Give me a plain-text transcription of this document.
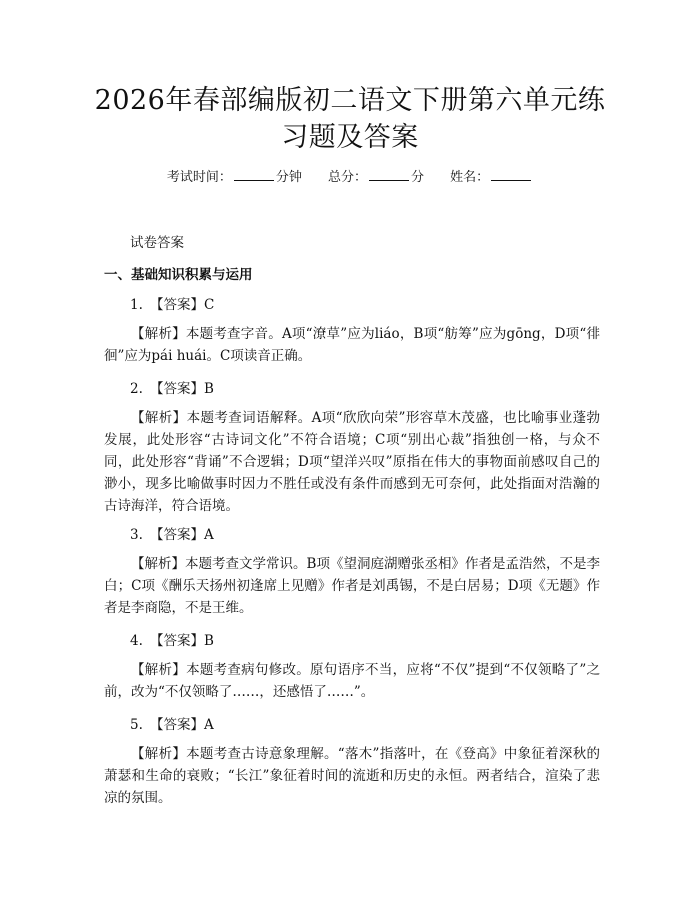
2026年春部编版初二语文下册第六单元练习题及答案
考试时间：	分钟 总分：	分 姓名：
试卷答案
一、基础知识积累与运用
1. 【答案】C
【解析】本题考查字音。A项“潦草”应为liáo，B项“舫筹”应为gōng，D项“徘徊”应为pái huái。C项读音正确。
2. 【答案】B
【解析】本题考查词语解释。A项“欣欣向荣”形容草木茂盛，也比喻事业蓬勃发展，此处形容“古诗词文化”不符合语境；C项“别出心裁”指独创一格，与众不同，此处形容“背诵”不合逻辑；D项“望洋兴叹”原指在伟大的事物面前感叹自己的渺小，现多比喻做事时因力不胜任或没有条件而感到无可奈何，此处指面对浩瀚的古诗海洋，符合语境。
3. 【答案】A
【解析】本题考查文学常识。B项《望洞庭湖赠张丞相》作者是孟浩然，不是李白；C项《酬乐天扬州初逢席上见赠》作者是刘禹锡，不是白居易；D项《无题》作者是李商隐，不是王维。
4. 【答案】B
【解析】本题考查病句修改。原句语序不当，应将“不仅”提到“不仅领略了”之前，改为“不仅领略了……，还感悟了……”。
5. 【答案】A
【解析】本题考查古诗意象理解。“落木”指落叶，在《登高》中象征着深秋的萧瑟和生命的衰败；“长江”象征着时间的流逝和历史的永恒。两者结合，渲染了悲凉的氛围。
